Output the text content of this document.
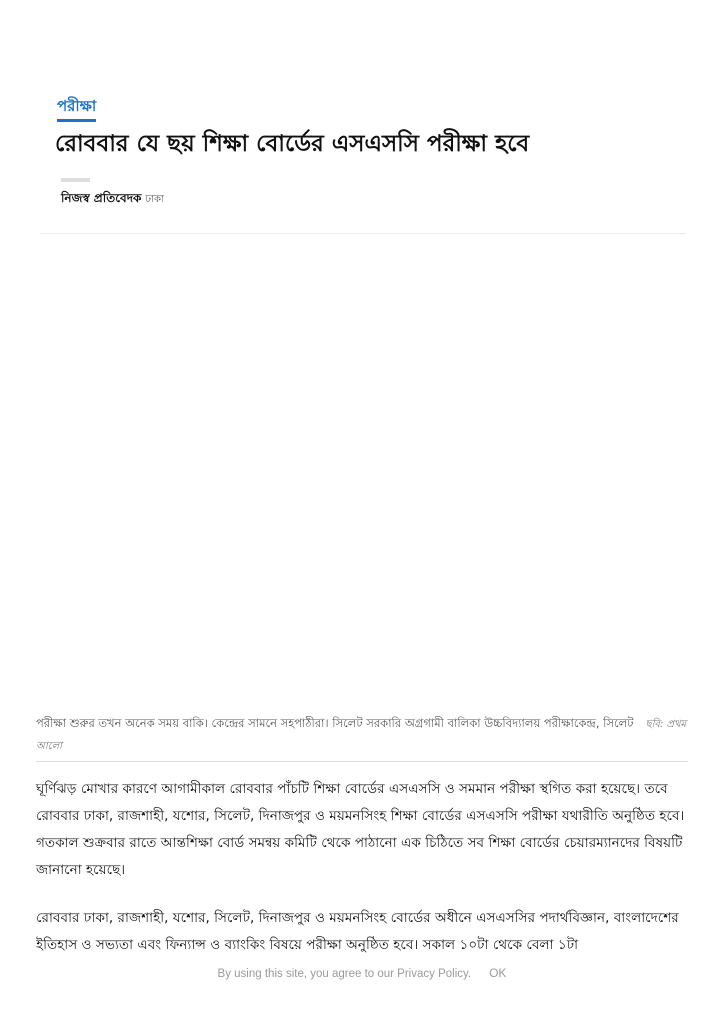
পরীক্ষা
রোববার যে ছয় শিক্ষা বোর্ডের এসএসসি পরীক্ষা হবে
নিজস্ব প্রতিবেদক ঢাকা
পরীক্ষা শুরুর তখন অনেক সময় বাকি। কেন্দ্রের সামনে সহপাঠীরা। সিলেট সরকারি অগ্রগামী বালিকা উচ্চবিদ্যালয় পরীক্ষাকেন্দ্র, সিলেট ছবি: প্রথম আলো

ঘূর্ণিঝড় মোখার কারণে আগামীকাল রোববার পাঁচটি শিক্ষা বোর্ডের এসএসসি ও সমমান পরীক্ষা স্থগিত করা হয়েছে। তবে রোববার ঢাকা, রাজশাহী, যশোর, সিলেট, দিনাজপুর ও ময়মনসিংহ শিক্ষা বোর্ডের এসএসসি পরীক্ষা যথারীতি অনুষ্ঠিত হবে। গতকাল শুক্রবার রাতে আন্তশিক্ষা বোর্ড সমন্বয় কমিটি থেকে পাঠানো এক চিঠিতে সব শিক্ষা বোর্ডের চেয়ারম্যানদের বিষয়টি জানানো হয়েছে।

রোববার ঢাকা, রাজশাহী, যশোর, সিলেট, দিনাজপুর ও ময়মনসিংহ বোর্ডের অধীনে এসএসসির পদার্থবিজ্ঞান, বাংলাদেশের ইতিহাস ও সভ্যতা এবং ফিন্যান্স ও ব্যাংকিং বিষয়ে পরীক্ষা অনুষ্ঠিত হবে। সকাল ১০টা থেকে বেলা ১টা

By using this site, you agree to our Privacy Policy. OK
